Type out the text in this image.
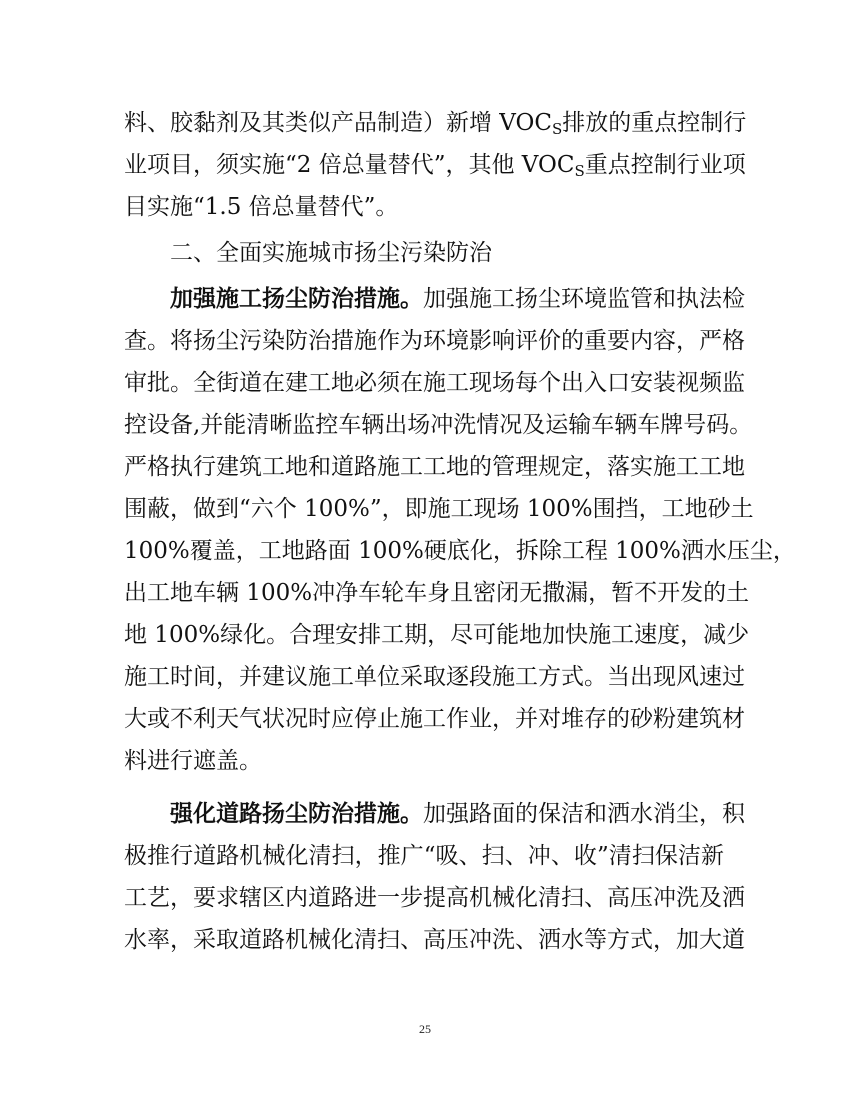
料、胶黏剂及其类似产品制造）新增 $VOC_S$排放的重点控制行
业项目，须实施“2 倍总量替代”，其他 $VOC_S$重点控制行业项
目实施“1.5 倍总量替代”。
二、全面实施城市扬尘污染防治
加强施工扬尘防治措施。加强施工扬尘环境监管和执法检
查。将扬尘污染防治措施作为环境影响评价的重要内容，严格
审批。全街道在建工地必须在施工现场每个出入口安装视频监
控设备,并能清晰监控车辆出场冲洗情况及运输车辆车牌号码。
严格执行建筑工地和道路施工工地的管理规定，落实施工工地
围蔽，做到“六个 100%”，即施工现场 100%围挡，工地砂土
100%覆盖，工地路面 100%硬底化，拆除工程 100%洒水压尘，
出工地车辆 100%冲净车轮车身且密闭无撒漏，暂不开发的土
地 100%绿化。合理安排工期，尽可能地加快施工速度，减少
施工时间，并建议施工单位采取逐段施工方式。当出现风速过
大或不利天气状况时应停止施工作业，并对堆存的砂粉建筑材
料进行遮盖。
强化道路扬尘防治措施。加强路面的保洁和洒水消尘，积
极推行道路机械化清扫，推广“吸、扫、冲、收”清扫保洁新
工艺，要求辖区内道路进一步提高机械化清扫、高压冲洗及洒
水率，采取道路机械化清扫、高压冲洗、洒水等方式，加大道
25
